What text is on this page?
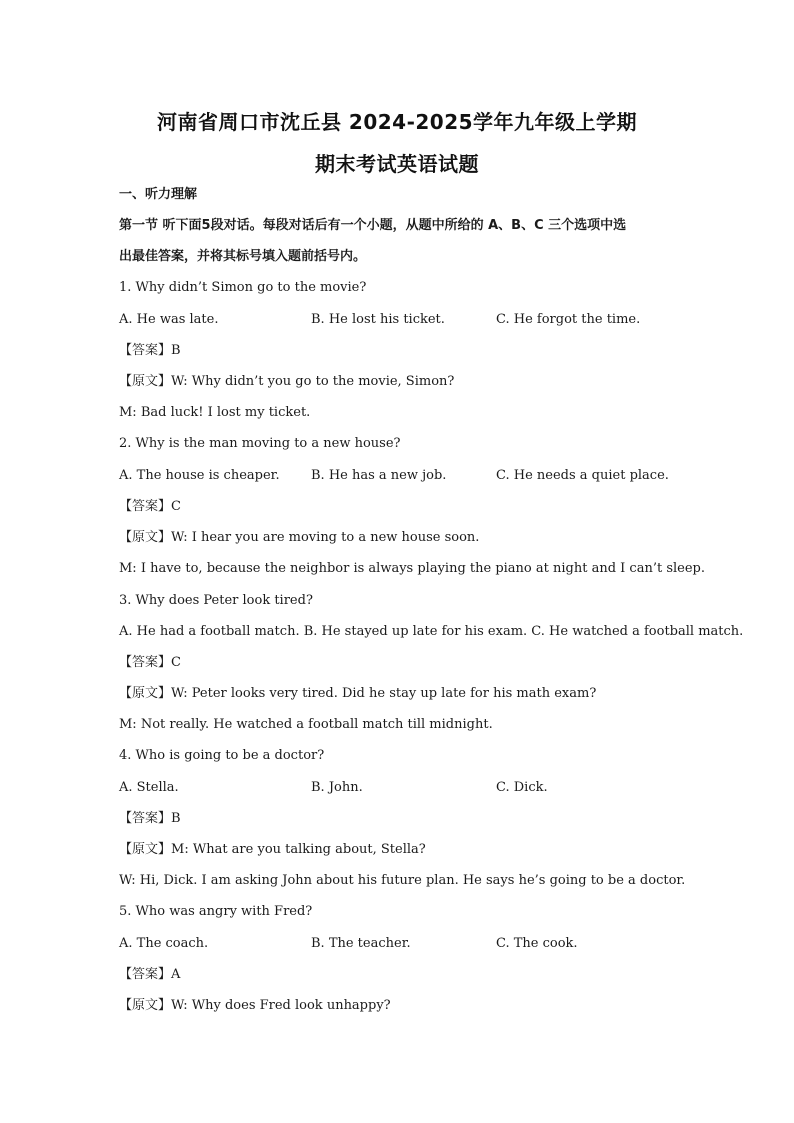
河南省周口市沈丘县 2024-2025学年九年级上学期
期末考试英语试题
一、听力理解
第一节 听下面5段对话。每段对话后有一个小题，从题中所给的 A、B、C 三个选项中选
出最佳答案，并将其标号填入题前括号内。
1. Why didn’t Simon go to the movie?
A. He was late.	B. He lost his ticket.	C. He forgot the time.
【答案】B
【原文】W: Why didn’t you go to the movie, Simon?
M: Bad luck! I lost my ticket.
2. Why is the man moving to a new house?
A. The house is cheaper. B. He has a new job.	C. He needs a quiet place.
【答案】C
【原文】W: I hear you are moving to a new house soon.
M: I have to, because the neighbor is always playing the piano at night and I can’t sleep.
3. Why does Peter look tired?
A. He had a football match. B. He stayed up late for his exam. C. He watched a football match.
【答案】C
【原文】W: Peter looks very tired. Did he stay up late for his math exam?
M: Not really. He watched a football match till midnight.
4. Who is going to be a doctor?
A. Stella.	B. John.	C. Dick.
【答案】B
【原文】M: What are you talking about, Stella?
W: Hi, Dick. I am asking John about his future plan. He says he’s going to be a doctor.
5. Who was angry with Fred?
A. The coach.	B. The teacher.	C. The cook.
【答案】A
【原文】W: Why does Fred look unhappy?
